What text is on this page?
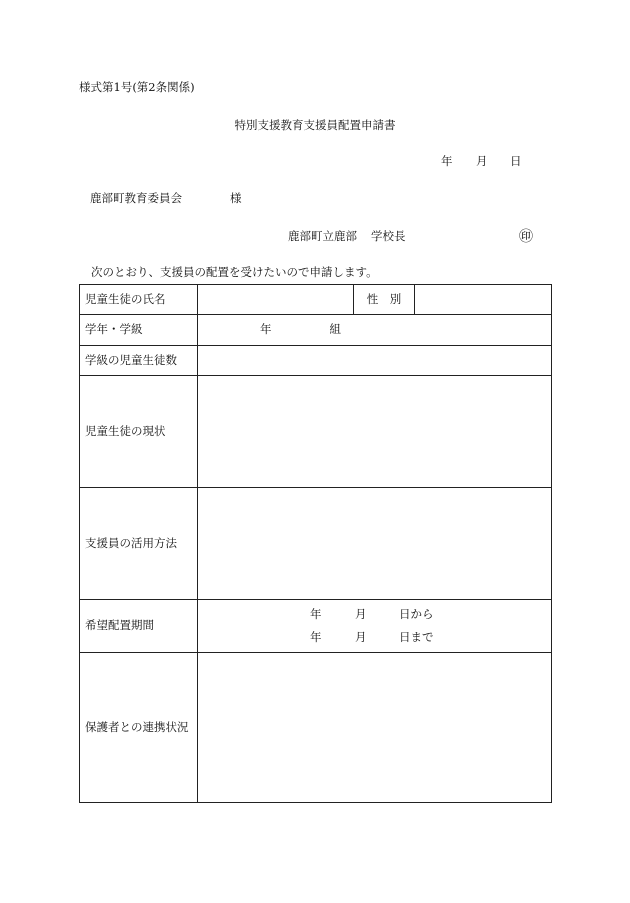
様式第1号(第2条関係)
特別支援教育支援員配置申請書
年 月 日
鹿部町教育委員会	様
鹿部町立鹿部 学校長	㊞
次のとおり、支援員の配置を受けたいので申請します。
児童生徒の氏名		性　別	
学年・学級	年 組		
学級の児童生徒数			
児童生徒の現状			
支援員の活用方法			
希望配置期間	年 月 日から
年 月 日まで		

保護者との連携状況			
